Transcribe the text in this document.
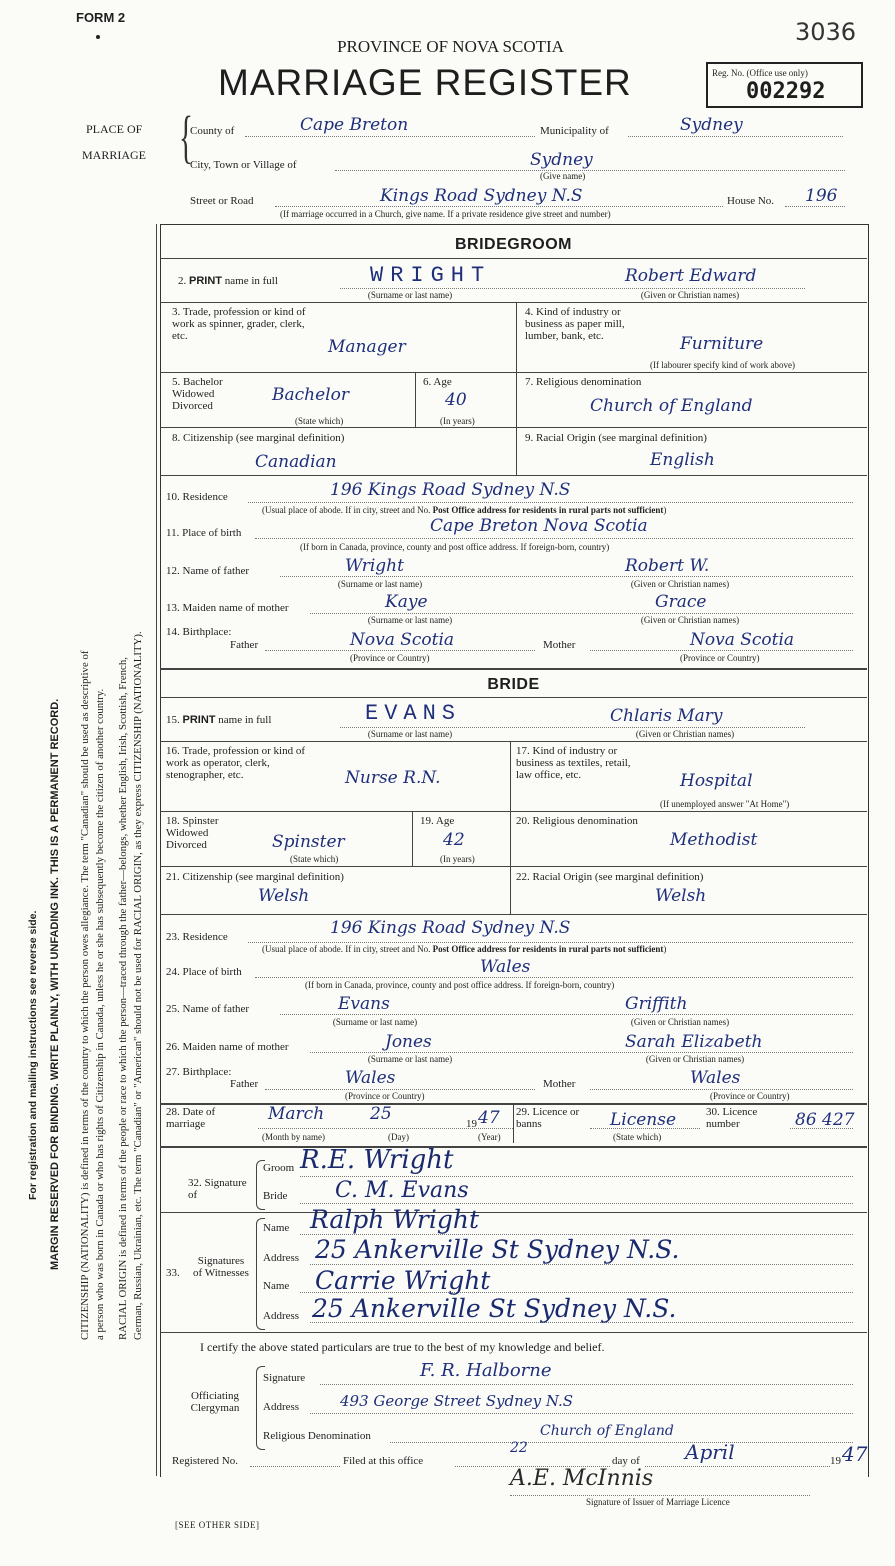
FORM 2
3036
PROVINCE OF NOVA SCOTIA
MARRIAGE REGISTER	Reg. No. (Office use only)
002292
PLACE OF
MARRIAGE {
County of	Cape Breton	Municipality of	Sydney
City, Town or Village of	Sydney
(Give name)
Street or Road	Kings Road Sydney N.S	House No. 196
(If marriage occurred in a Church, give name. If a private residence give street and number)
BRIDEGROOM
2. PRINT name in full	WRIGHT	Robert Edward
(Surname or last name)	(Given or Christian names)
3. Trade, profession or kind of work as spinner, grader, clerk, etc.
Manager
4. Kind of industry or business as paper mill, lumber, bank, etc.	Furniture
(If labourer specify kind of work above)
5. Bachelor Widowed Divorced
Bachelor
(State which)
6. Age
40
(In years)
7. Religious denomination
Church of England
8. Citizenship (see marginal definition)
Canadian
9. Racial Origin (see marginal definition)
English
10. Residence	196 Kings Road Sydney N.S
(Usual place of abode. If in city, street and No. Post Office address for residents in rural parts not sufficient)
11. Place of birth	Cape Breton Nova Scotia
(If born in Canada, province, county and post office address. If foreign-born, country)
12. Name of father	Wright	Robert W.
(Surname or last name)	(Given or Christian names)
13. Maiden name of mother	Kaye	Grace
(Surname or last name)	(Given or Christian names)
14. Birthplace:
Father	Nova Scotia	Mother	Nova Scotia
(Province or Country)	(Province or Country)
BRIDE
15. PRINT name in full	EVANS	Chlaris Mary
(Surname or last name)	(Given or Christian names)
16. Trade, profession or kind of work as operator, clerk, stenographer, etc.	Nurse R.N.
17. Kind of industry or business as textiles, retail, law office, etc.	Hospital
(If unemployed answer "At Home")
18. Spinster Widowed Divorced	Spinster
(State which)
19. Age
42
(In years)
20. Religious denomination
Methodist
21. Citizenship (see marginal definition)
Welsh
22. Racial Origin (see marginal definition)
Welsh
23. Residence	196 Kings Road Sydney N.S
(Usual place of abode. If in city, street and No. Post Office address for residents in rural parts not sufficient)
24. Place of birth	Wales
(If born in Canada, province, county and post office address. If foreign-born, country)
25. Name of father	Evans	Griffith
(Surname or last name)	(Given or Christian names)
26. Maiden name of mother	Jones	Sarah Elizabeth
(Surname or last name)	(Given or Christian names)
27. Birthplace:
Father	Wales	Mother	Wales
(Province or Country)	(Province or Country)
28. Date of marriage	March	25	19 47
(Month by name)	(Day)	(Year)
29. Licence or banns	License
(State which)
30. Licence number	86 427
32. Signature of
Groom R.E. Wright
Bride C. M. Evans
33.
Signatures of Witnesses
Name Ralph Wright
Address 25 Ankerville St Sydney N.S.
Name Carrie Wright
Address 25 Ankerville St Sydney N.S.
I certify the above stated particulars are true to the best of my knowledge and belief.
Officiating Clergyman
Signature	F. R. Halborne
Address	493 George Street Sydney N.S
Religious Denomination	Church of England
Registered No.	Filed at this office
22
day of April	19 47
A.E. McInnis
Signature of Issuer of Marriage Licence
[SEE OTHER SIDE]
For registration and mailing instructions see reverse side. MARGIN RESERVED FOR BINDING. WRITE PLAINLY, WITH UNFADING INK. THIS IS A PERMANENT RECORD. CITIZENSHIP (NATIONALITY) is defined in terms of the country to which the person owes allegiance. The term "Canadian" should be used as descriptive of a person who was born in Canada or who has rights of Citizenship in Canada, unless he or she has subsequently become the citizen of another country. RACIAL ORIGIN is defined in terms of the people or race to which the person—traced through the father—belongs, whether English, Irish, Scottish, French, German, Russian, Ukrainian, etc. The term "Canadian" or "American" should not be used for RACIAL ORIGIN, as they express CITIZENSHIP (NATIONALITY).
